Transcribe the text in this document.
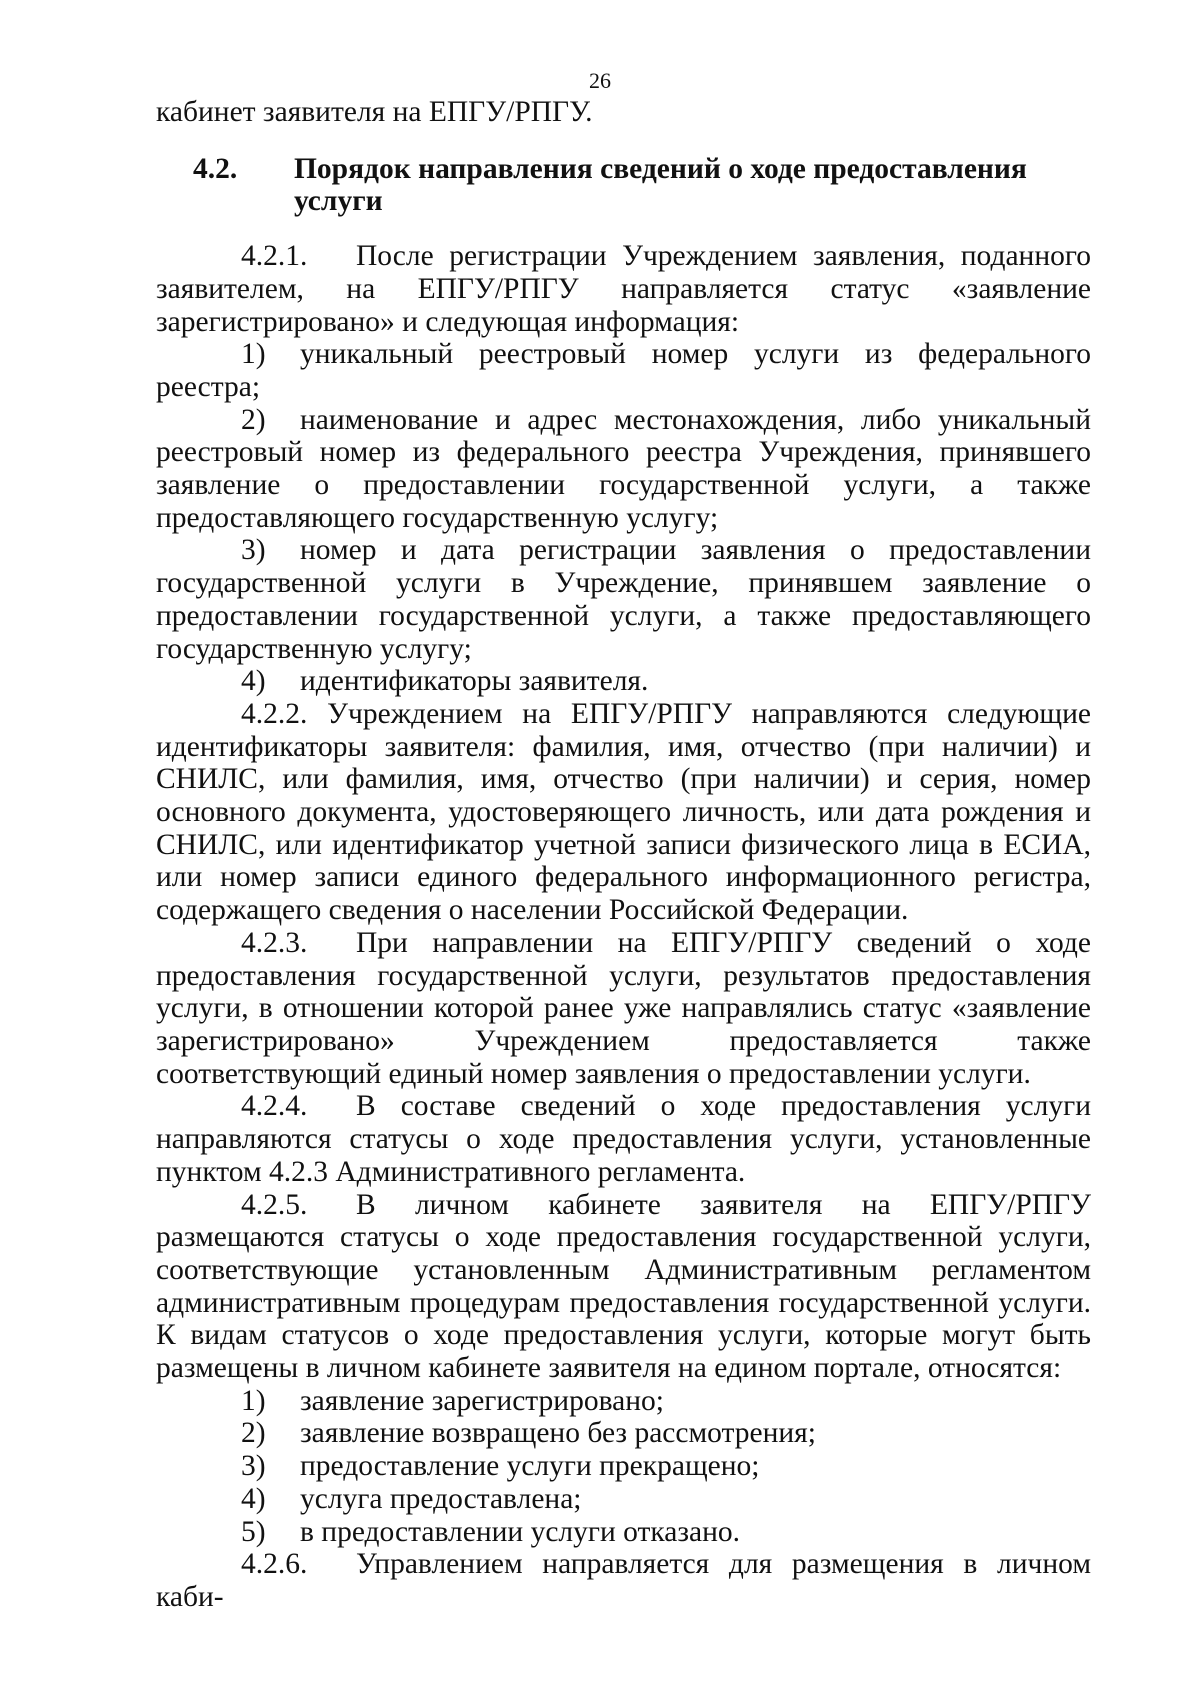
26

кабинет заявителя на ЕПГУ/РПГУ.

4.2.	Порядок направления сведений о ходе предоставления услуги

4.2.1. После регистрации Учреждением заявления, поданного заявителем, на ЕПГУ/РПГУ направляется статус «заявление зарегистрировано» и следующая информация:

1) уникальный реестровый номер услуги из федерального реестра;

2) наименование и адрес местонахождения, либо уникальный реестровый номер из федерального реестра Учреждения, принявшего заявление о предоставлении государственной услуги, а также предоставляющего государственную услугу;

3) номер и дата регистрации заявления о предоставлении государственной услуги в Учреждение, принявшем заявление о предоставлении государственной услуги, а также предоставляющего государственную услугу;

4) идентификаторы заявителя.

4.2.2. Учреждением на ЕПГУ/РПГУ направляются следующие идентификаторы заявителя: фамилия, имя, отчество (при наличии) и СНИЛС, или фамилия, имя, отчество (при наличии) и серия, номер основного документа, удостоверяющего личность, или дата рождения и СНИЛС, или идентификатор учетной записи физического лица в ЕСИА, или номер записи единого федерального информационного регистра, содержащего сведения о населении Российской Федерации.

4.2.3. При направлении на ЕПГУ/РПГУ сведений о ходе предоставления государственной услуги, результатов предоставления услуги, в отношении которой ранее уже направлялись статус «заявление зарегистрировано» Учреждением предоставляется также соответствующий единый номер заявления о предоставлении услуги.

4.2.4. В составе сведений о ходе предоставления услуги направляются статусы о ходе предоставления услуги, установленные пунктом 4.2.3 Административного регламента.

4.2.5. В личном кабинете заявителя на ЕПГУ/РПГУ размещаются статусы о ходе предоставления государственной услуги, соответствующие установленным Административным регламентом административным процедурам предоставления государственной услуги. К видам статусов о ходе предоставления услуги, которые могут быть размещены в личном кабинете заявителя на едином портале, относятся:

1) заявление зарегистрировано;

2) заявление возвращено без рассмотрения;

3) предоставление услуги прекращено;

4) услуга предоставлена;

5) в предоставлении услуги отказано.

4.2.6. Управлением направляется для размещения в личном каби-
